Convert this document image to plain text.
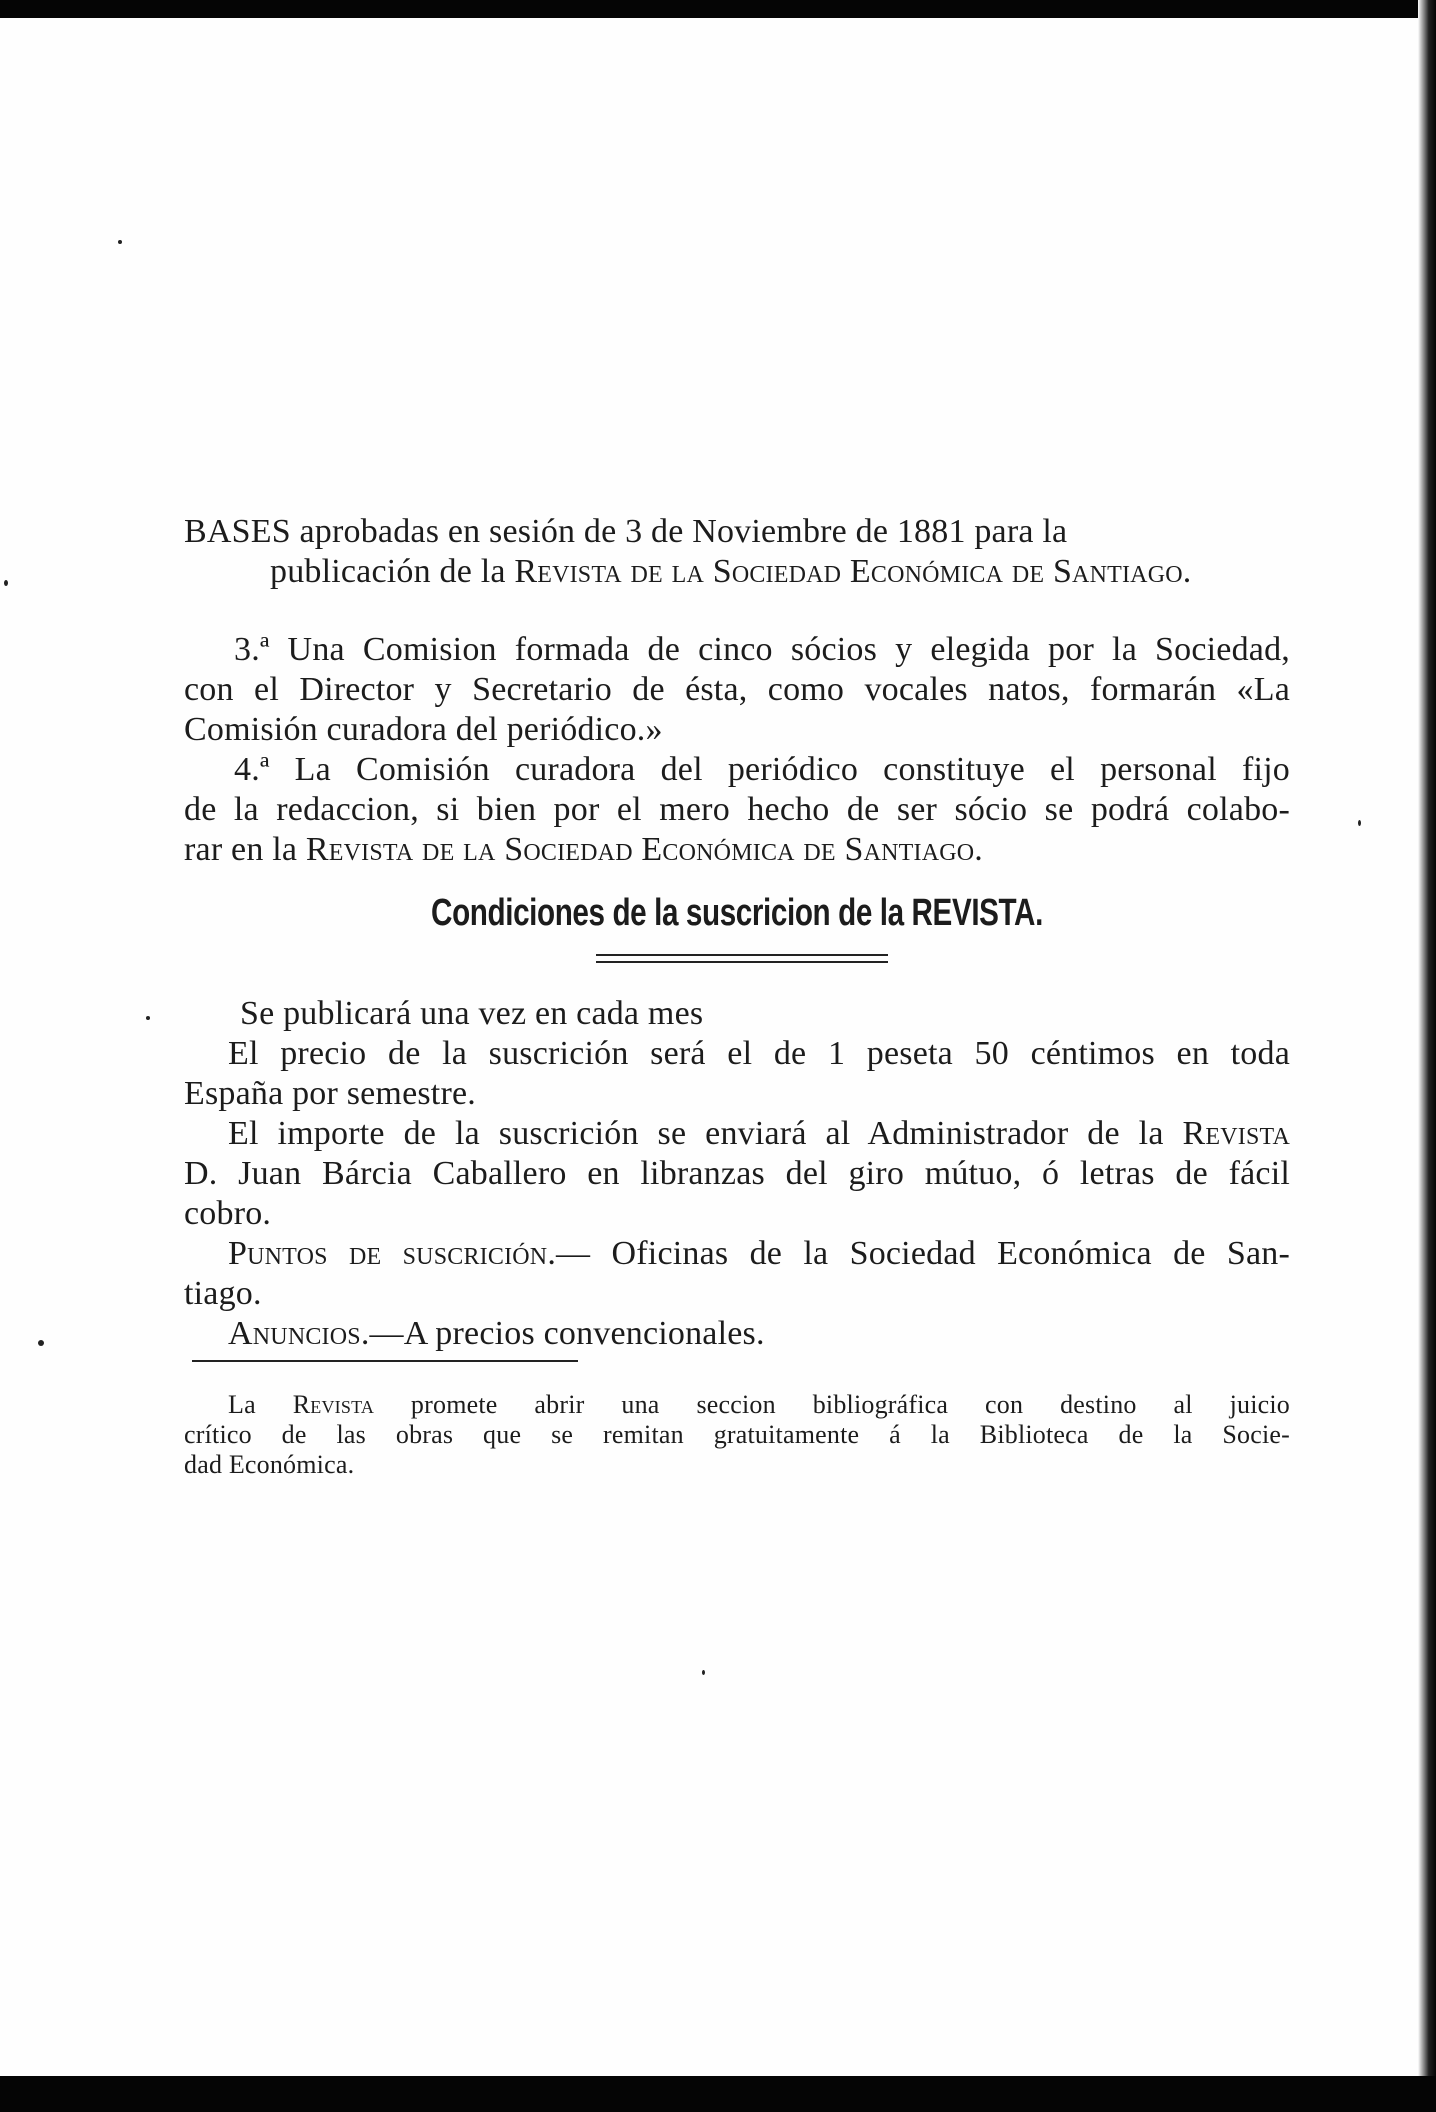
BASES aprobadas en sesión de 3 de Noviembre de 1881 para la
publicación de la Revista de la Sociedad Económica de Santiago.
3.ª Una Comision formada de cinco sócios y elegida por la Sociedad,
con el Director y Secretario de ésta, como vocales natos, formarán «La
Comisión curadora del periódico.»
4.ª La Comisión curadora del periódico constituye el personal fijo
de la redaccion, si bien por el mero hecho de ser sócio se podrá colabo-
rar en la Revista de la Sociedad Económica de Santiago.
Condiciones de la suscricion de la REVISTA.
Se publicará una vez en cada mes
El precio de la suscrición será el de 1 peseta 50 céntimos en toda
España por semestre.
El importe de la suscrición se enviará al Administrador de la Revista
D. Juan Bárcia Caballero en libranzas del giro mútuo, ó letras de fácil
cobro.
Puntos de suscrición.— Oficinas de la Sociedad Económica de San-
tiago.
Anuncios.—A precios convencionales.
La Revista promete abrir una seccion bibliográfica con destino al juicio
crítico de las obras que se remitan gratuitamente á la Biblioteca de la Socie-
dad Económica.
